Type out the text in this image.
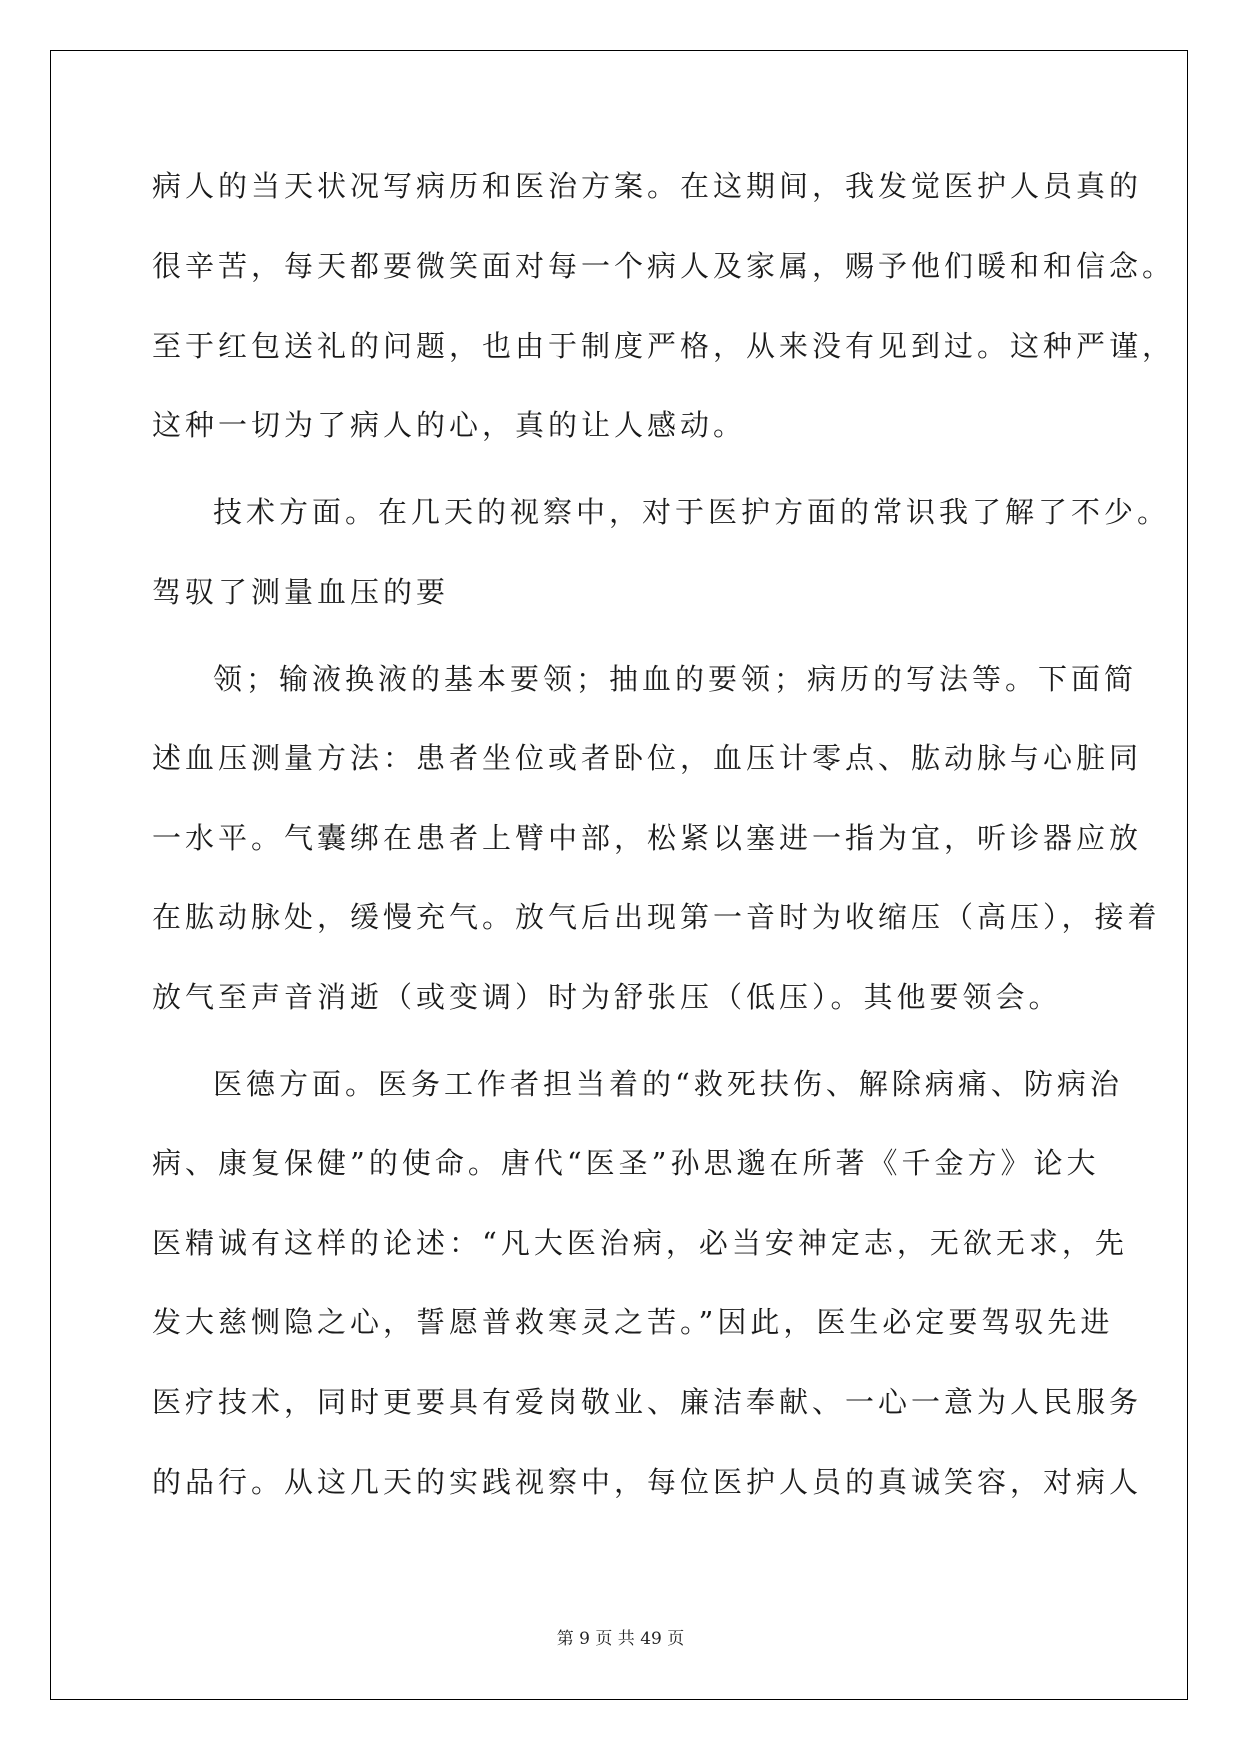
病人的当天状况写病历和医治方案。在这期间，我发觉医护人员真的
很辛苦，每天都要微笑面对每一个病人及家属，赐予他们暖和和信念。
至于红包送礼的问题，也由于制度严格，从来没有见到过。这种严谨，
这种一切为了病人的心，真的让人感动。
技术方面。在几天的视察中，对于医护方面的常识我了解了不少。
驾驭了测量血压的要
领；输液换液的基本要领；抽血的要领；病历的写法等。下面简
述血压测量方法：患者坐位或者卧位，血压计零点、肱动脉与心脏同
一水平。气囊绑在患者上臂中部，松紧以塞进一指为宜，听诊器应放
在肱动脉处，缓慢充气。放气后出现第一音时为收缩压（高压），接着
放气至声音消逝（或变调）时为舒张压（低压）。其他要领会。
医德方面。医务工作者担当着的“救死扶伤、解除病痛、防病治
病、康复保健”的使命。唐代“医圣”孙思邈在所著《千金方》论大
医精诚有这样的论述：“凡大医治病，必当安神定志，无欲无求，先
发大慈恻隐之心，誓愿普救寒灵之苦。”因此，医生必定要驾驭先进
医疗技术，同时更要具有爱岗敬业、廉洁奉献、一心一意为人民服务
的品行。从这几天的实践视察中，每位医护人员的真诚笑容，对病人
第 9 页 共 49 页
